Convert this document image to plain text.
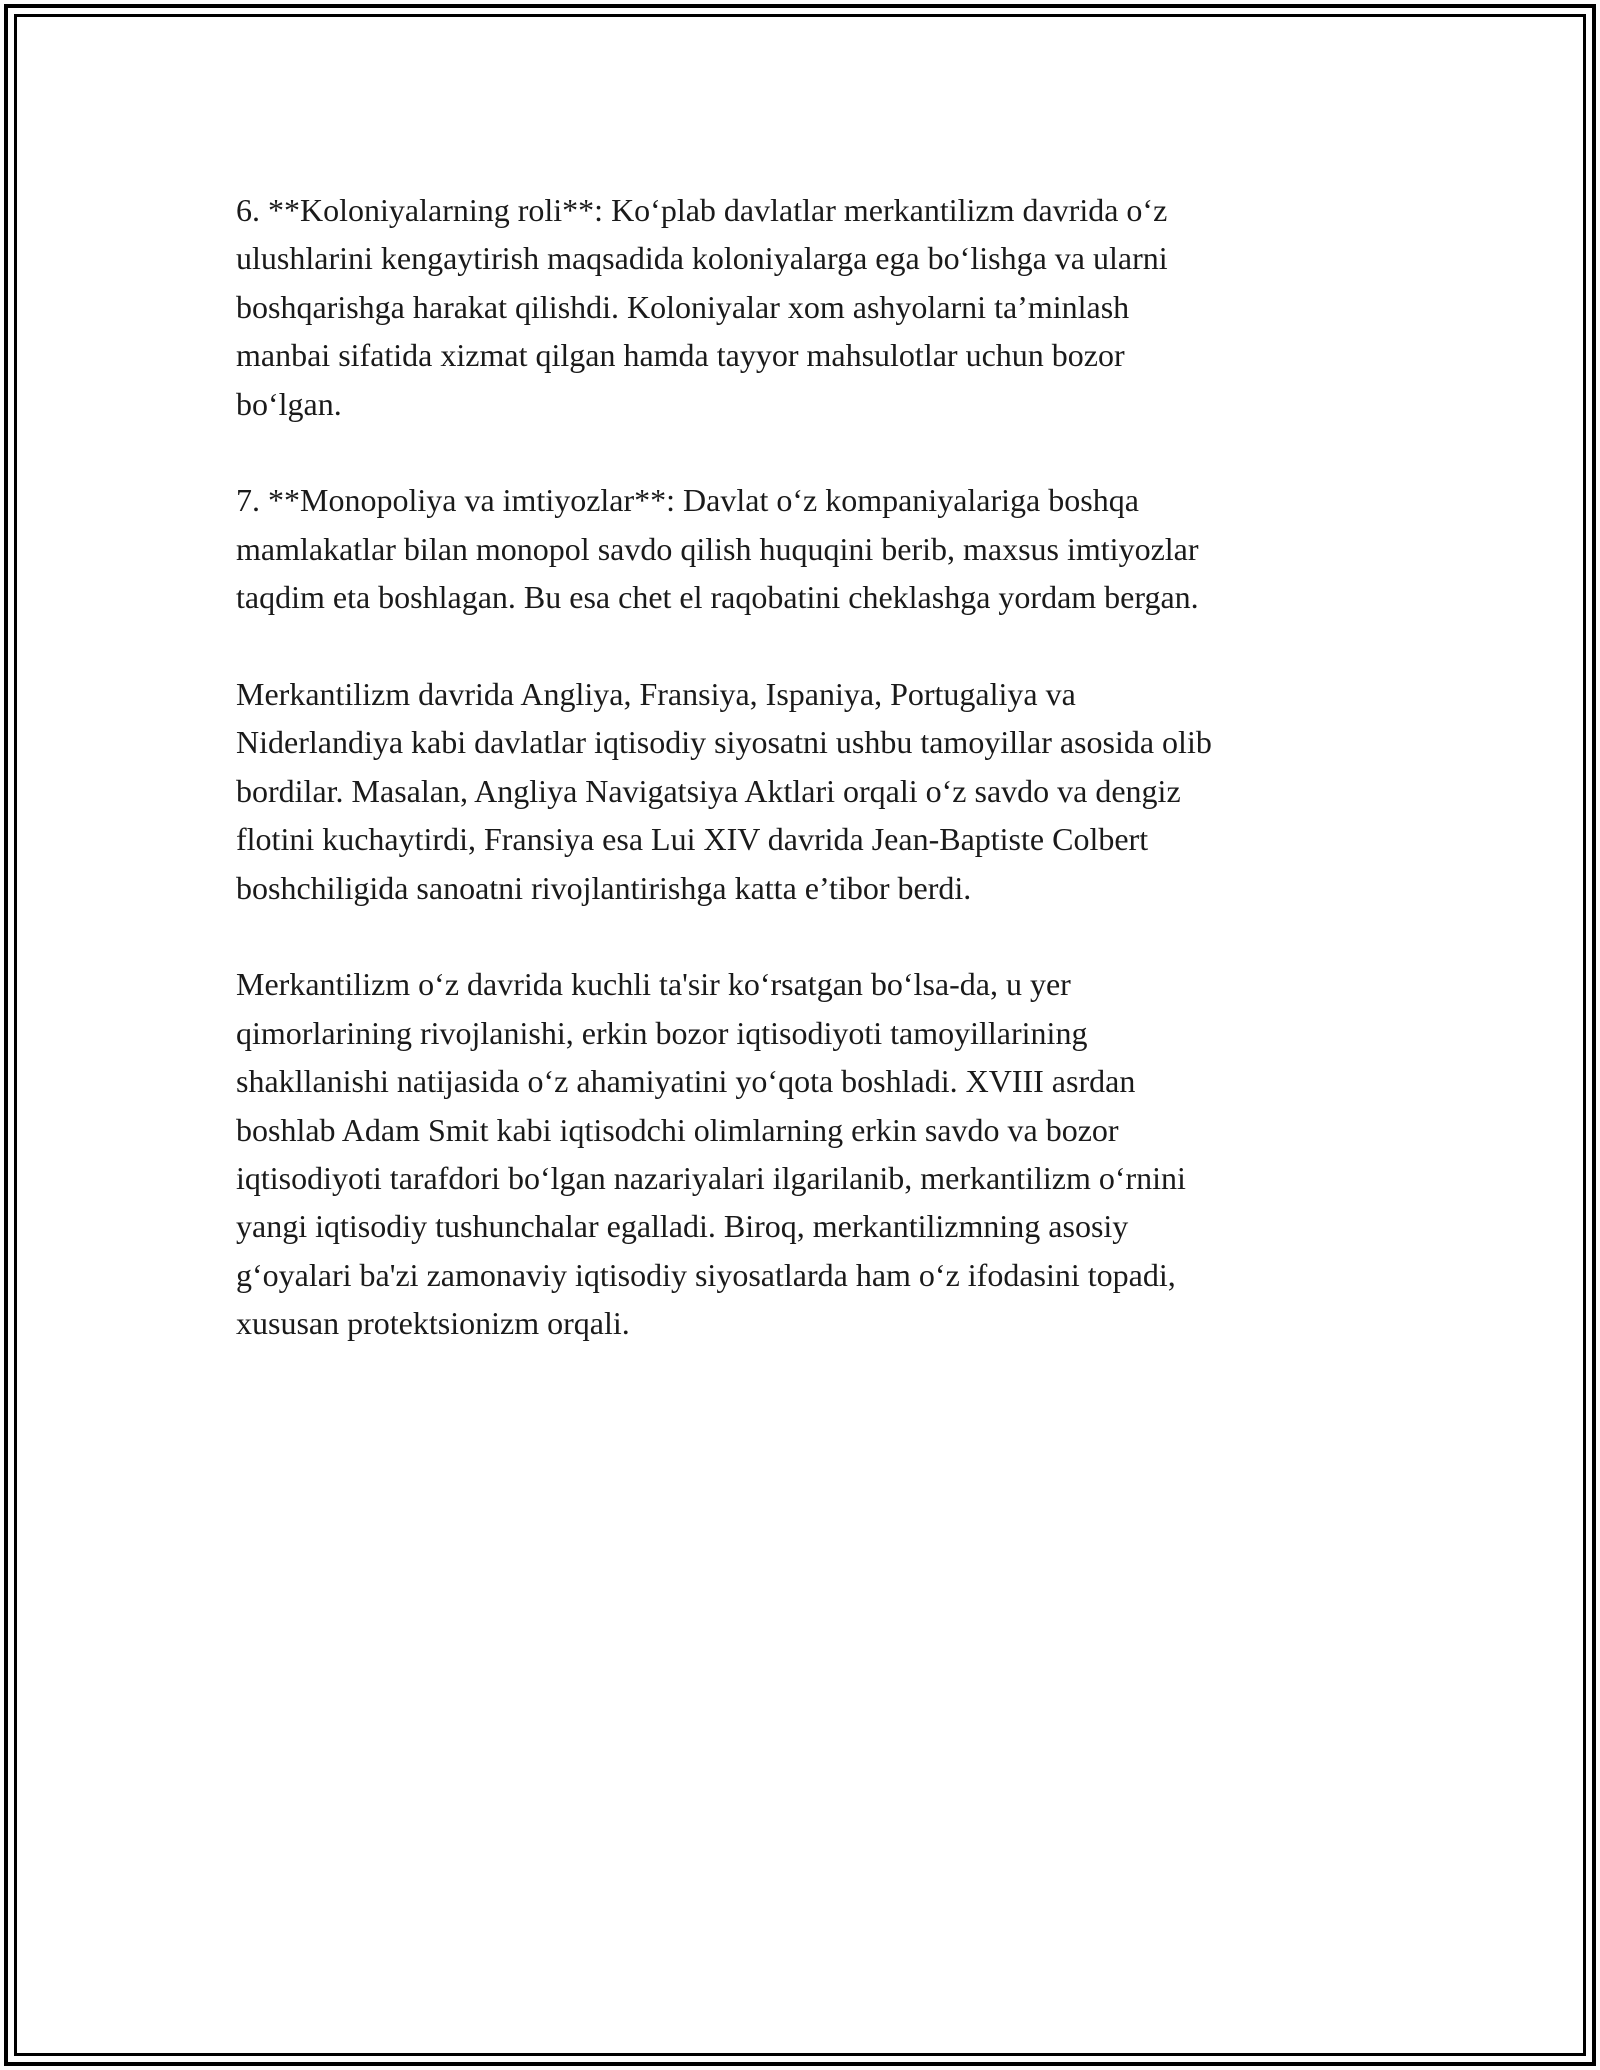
6. **Koloniyalarning roli**: Ko‘plab davlatlar merkantilizm davrida o‘z
ulushlarini kengaytirish maqsadida koloniyalarga ega bo‘lishga va ularni
boshqarishga harakat qilishdi. Koloniyalar xom ashyolarni ta’minlash
manbai sifatida xizmat qilgan hamda tayyor mahsulotlar uchun bozor
bo‘lgan.

7. **Monopoliya va imtiyozlar**: Davlat o‘z kompaniyalariga boshqa
mamlakatlar bilan monopol savdo qilish huquqini berib, maxsus imtiyozlar
taqdim eta boshlagan. Bu esa chet el raqobatini cheklashga yordam bergan.

Merkantilizm davrida Angliya, Fransiya, Ispaniya, Portugaliya va
Niderlandiya kabi davlatlar iqtisodiy siyosatni ushbu tamoyillar asosida olib
bordilar. Masalan, Angliya Navigatsiya Aktlari orqali o‘z savdo va dengiz
flotini kuchaytirdi, Fransiya esa Lui XIV davrida Jean-Baptiste Colbert
boshchiligida sanoatni rivojlantirishga katta e’tibor berdi.

Merkantilizm o‘z davrida kuchli ta'sir ko‘rsatgan bo‘lsa-da, u yer
qimorlarining rivojlanishi, erkin bozor iqtisodiyoti tamoyillarining
shakllanishi natijasida o‘z ahamiyatini yo‘qota boshladi. XVIII asrdan
boshlab Adam Smit kabi iqtisodchi olimlarning erkin savdo va bozor
iqtisodiyoti tarafdori bo‘lgan nazariyalari ilgarilanib, merkantilizm o‘rnini
yangi iqtisodiy tushunchalar egalladi. Biroq, merkantilizmning asosiy
g‘oyalari ba'zi zamonaviy iqtisodiy siyosatlarda ham o‘z ifodasini topadi,
xususan protektsionizm orqali.
